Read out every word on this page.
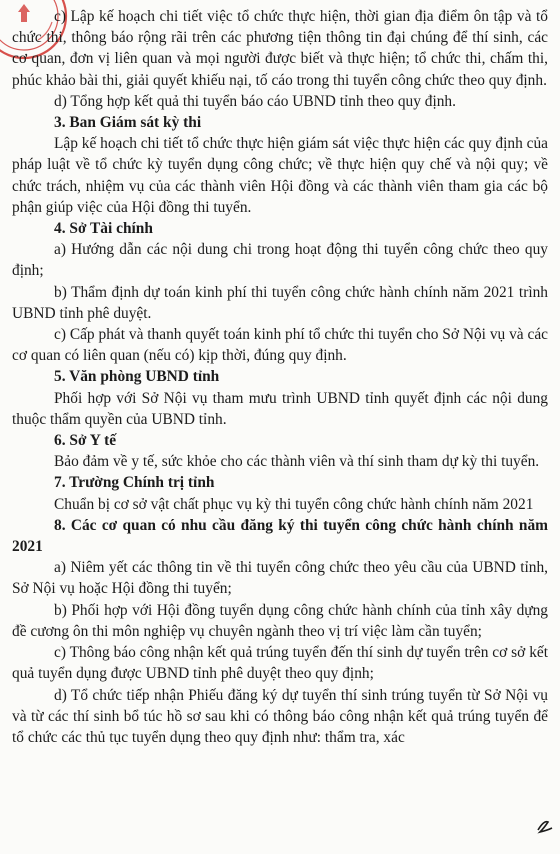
c) Lập kế hoạch chi tiết việc tổ chức thực hiện, thời gian địa điểm ôn tập và tổ chức thi, thông báo rộng rãi trên các phương tiện thông tin đại chúng để thí sinh, các cơ quan, đơn vị liên quan và mọi người được biết và thực hiện; tổ chức thi, chấm thi, phúc khảo bài thi, giải quyết khiếu nại, tố cáo trong thi tuyển công chức theo quy định.

d) Tổng hợp kết quả thi tuyển báo cáo UBND tỉnh theo quy định.

3. Ban Giám sát kỳ thi

Lập kế hoạch chi tiết tổ chức thực hiện giám sát việc thực hiện các quy định của pháp luật về tổ chức kỳ tuyển dụng công chức; về thực hiện quy chế và nội quy; về chức trách, nhiệm vụ của các thành viên Hội đồng và các thành viên tham gia các bộ phận giúp việc của Hội đồng thi tuyển.

4. Sở Tài chính

a) Hướng dẫn các nội dung chi trong hoạt động thi tuyển công chức theo quy định;

b) Thẩm định dự toán kinh phí thi tuyển công chức hành chính năm 2021 trình UBND tỉnh phê duyệt.

c) Cấp phát và thanh quyết toán kinh phí tổ chức thi tuyển cho Sở Nội vụ và các cơ quan có liên quan (nếu có) kịp thời, đúng quy định.

5. Văn phòng UBND tỉnh

Phối hợp với Sở Nội vụ tham mưu trình UBND tỉnh quyết định các nội dung thuộc thẩm quyền của UBND tỉnh.

6. Sở Y tế

Bảo đảm về y tế, sức khỏe cho các thành viên và thí sinh tham dự kỳ thi tuyển.

7. Trường Chính trị tỉnh

Chuẩn bị cơ sở vật chất phục vụ kỳ thi tuyển công chức hành chính năm 2021

8. Các cơ quan có nhu cầu đăng ký thi tuyển công chức hành chính năm 2021

a) Niêm yết các thông tin về thi tuyển công chức theo yêu cầu của UBND tỉnh, Sở Nội vụ hoặc Hội đồng thi tuyển;

b) Phối hợp với Hội đồng tuyển dụng công chức hành chính của tỉnh xây dựng đề cương ôn thi môn nghiệp vụ chuyên ngành theo vị trí việc làm cần tuyển;

c) Thông báo công nhận kết quả trúng tuyển đến thí sinh dự tuyển trên cơ sở kết quả tuyển dụng được UBND tỉnh phê duyệt theo quy định;

d) Tổ chức tiếp nhận Phiếu đăng ký dự tuyển thí sinh trúng tuyển từ Sở Nội vụ và từ các thí sinh bổ túc hồ sơ sau khi có thông báo công nhận kết quả trúng tuyển để tổ chức các thủ tục tuyển dụng theo quy định như: thẩm tra, xác
